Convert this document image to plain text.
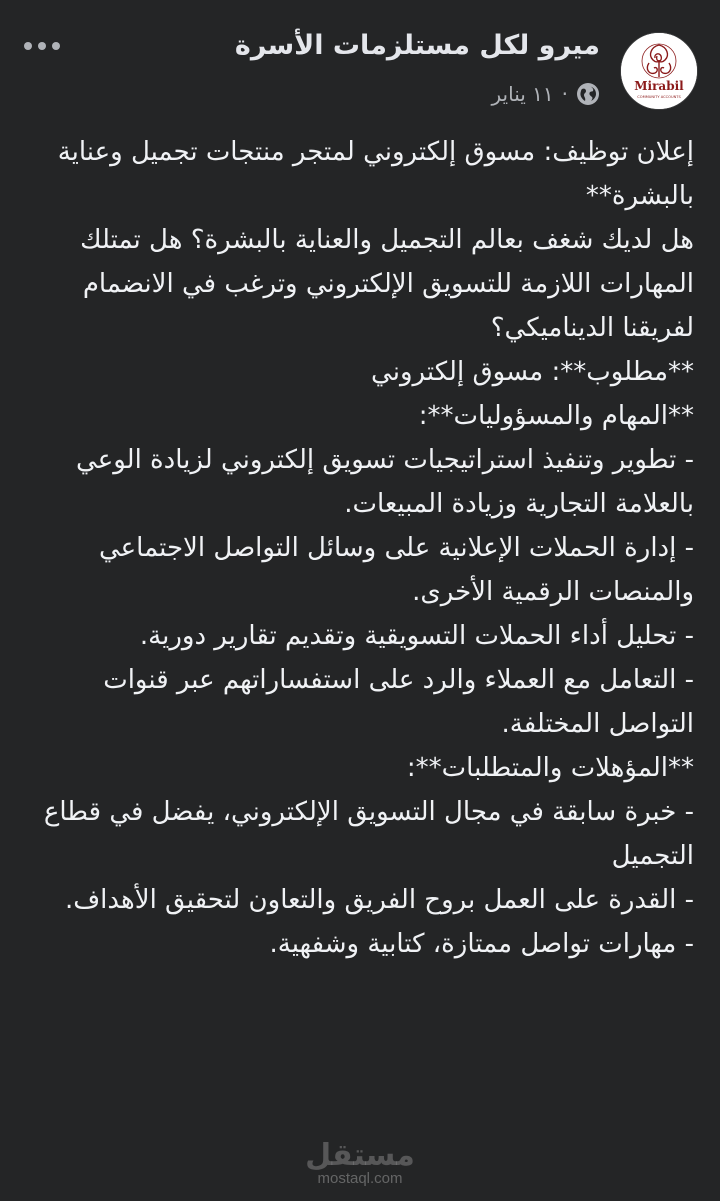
Mirabil
COMMUNITY ACCOUNTS
ميرو لكل مستلزمات الأسرة
١١ يناير ·

إعلان توظيف: مسوق إلكتروني لمتجر منتجات تجميل وعناية بالبشرة**

هل لديك شغف بعالم التجميل والعناية بالبشرة؟ هل تمتلك المهارات اللازمة للتسويق الإلكتروني وترغب في الانضمام لفريقنا الديناميكي؟

**مطلوب**: مسوق إلكتروني

**المهام والمسؤوليات**:

- تطوير وتنفيذ استراتيجيات تسويق إلكتروني لزيادة الوعي بالعلامة التجارية وزيادة المبيعات.

- إدارة الحملات الإعلانية على وسائل التواصل الاجتماعي والمنصات الرقمية الأخرى.

- تحليل أداء الحملات التسويقية وتقديم تقارير دورية.

- التعامل مع العملاء والرد على استفساراتهم عبر قنوات التواصل المختلفة.

**المؤهلات والمتطلبات**:

- خبرة سابقة في مجال التسويق الإلكتروني، يفضل في قطاع التجميل

- القدرة على العمل بروح الفريق والتعاون لتحقيق الأهداف.

- مهارات تواصل ممتازة، كتابية وشفهية.

مستقل
mostaql.com
